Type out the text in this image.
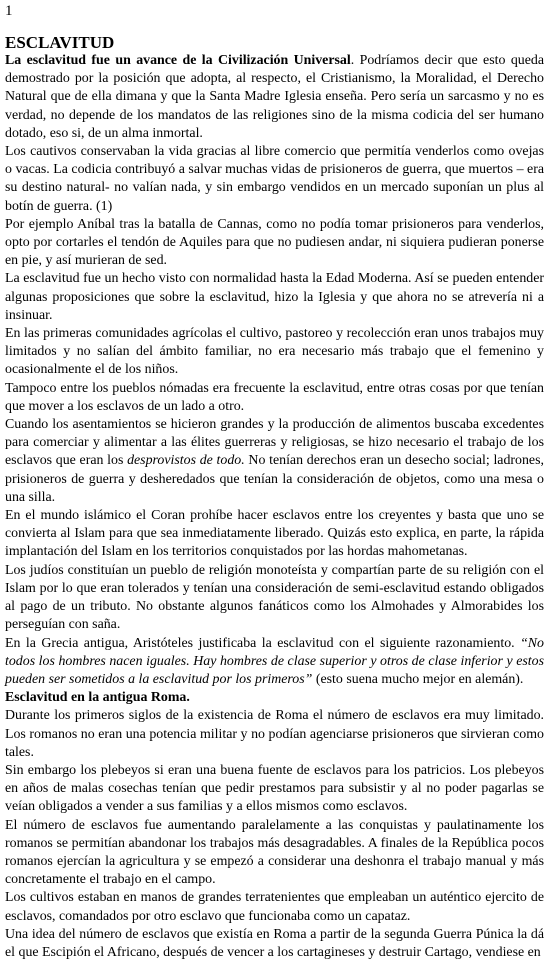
1
ESCLAVITUD

La esclavitud fue un avance de la Civilización Universal. Podríamos decir que esto queda demostrado por la posición que adopta, al respecto, el Cristianismo, la Moralidad, el Derecho Natural que de ella dimana y que la Santa Madre Iglesia enseña. Pero sería un sarcasmo y no es verdad, no depende de los mandatos de las religiones sino de la misma codicia del ser humano dotado, eso si, de un alma inmortal.

Los cautivos conservaban la vida gracias al libre comercio que permitía venderlos como ovejas o vacas. La codicia contribuyó a salvar muchas vidas de prisioneros de guerra, que muertos – era su destino natural- no valían nada, y sin embargo vendidos en un mercado suponían un plus al botín de guerra. (1)

Por ejemplo Aníbal tras la batalla de Cannas, como no podía tomar prisioneros para venderlos, opto por cortarles el tendón de Aquiles para que no pudiesen andar, ni siquiera pudieran ponerse en pie, y así murieran de sed.

La esclavitud fue un hecho visto con normalidad hasta la Edad Moderna. Así se pueden entender algunas proposiciones que sobre la esclavitud, hizo la Iglesia y que ahora no se atrevería ni a insinuar.

En las primeras comunidades agrícolas el cultivo, pastoreo y recolección eran unos trabajos muy limitados y no salían del ámbito familiar, no era necesario más trabajo que el femenino y ocasionalmente el de los niños.

Tampoco entre los pueblos nómadas era frecuente la esclavitud, entre otras cosas por que tenían que mover a los esclavos de un lado a otro.

Cuando los asentamientos se hicieron grandes y la producción de alimentos buscaba excedentes para comerciar y alimentar a las élites guerreras y religiosas, se hizo necesario el trabajo de los esclavos que eran los desprovistos de todo. No tenían derechos eran un desecho social; ladrones, prisioneros de guerra y desheredados que tenían la consideración de objetos, como una mesa o una silla.

En el mundo islámico el Coran prohíbe hacer esclavos entre los creyentes y basta que uno se convierta al Islam para que sea inmediatamente liberado. Quizás esto explica, en parte, la rápida implantación del Islam en los territorios conquistados por las hordas mahometanas.

Los judíos constituían un pueblo de religión monoteísta y compartían parte de su religión con el Islam por lo que eran tolerados y tenían una consideración de semi-esclavitud estando obligados al pago de un tributo. No obstante algunos fanáticos como los Almohades y Almorabides los perseguían con saña.

En la Grecia antigua, Aristóteles justificaba la esclavitud con el siguiente razonamiento. “No todos los hombres nacen iguales. Hay hombres de clase superior y otros de clase inferior y estos pueden ser sometidos a la esclavitud por los primeros” (esto suena mucho mejor en alemán).

Esclavitud en la antigua Roma.

Durante los primeros siglos de la existencia de Roma el número de esclavos era muy limitado. Los romanos no eran una potencia militar y no podían agenciarse prisioneros que sirvieran como tales.

Sin embargo los plebeyos si eran una buena fuente de esclavos para los patricios. Los plebeyos en años de malas cosechas tenían que pedir prestamos para subsistir y al no poder pagarlas se veían obligados a vender a sus familias y a ellos mismos como esclavos.

El número de esclavos fue aumentando paralelamente a las conquistas y paulatinamente los romanos se permitían abandonar los trabajos más desagradables. A finales de la República pocos romanos ejercían la agricultura y se empezó a considerar una deshonra el trabajo manual y más concretamente el trabajo en el campo.

Los cultivos estaban en manos de grandes terratenientes que empleaban un auténtico ejercito de esclavos, comandados por otro esclavo que funcionaba como un capataz.

Una idea del número de esclavos que existía en Roma a partir de la segunda Guerra Púnica la dá el que Escipión el Africano, después de vencer a los cartagineses y destruir Cartago, vendiese en
